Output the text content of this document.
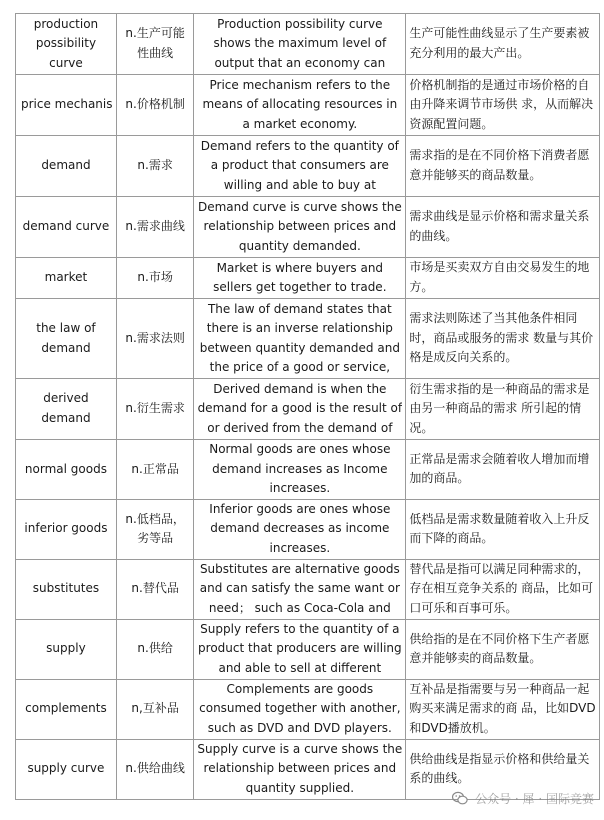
production possibility curve	n.生产可能性曲线	Production possibility curve shows the maximum level of output that an economy can	生产可能性曲线显示了生产要素被充分利用的最大产出。
price mechanis	n.价格机制	Price mechanism refers to the means of allocating resources in a market economy.	价格机制指的是通过市场价格的自由升降来调节市场供 求，从而解决资源配置问题。
demand	n.需求	Demand refers to the quantity of a product that consumers are willing and able to buy at	需求指的是在不同价格下消费者愿意并能够买的商品数量。
demand curve	n.需求曲线	Demand curve is curve shows the relationship between prices and quantity demanded.	需求曲线是显示价格和需求量关系的曲线。
market	n.市场	Market is where buyers and sellers get together to trade.	市场是买卖双方自由交易发生的地方。
the law of demand	n.需求法则	The law of demand states that there is an inverse relationship between quantity demanded and the price of a good or service,	需求法则陈述了当其他条件相同时，商品或服务的需求 数量与其价格是成反向关系的。
derived demand	n.衍生需求	Derived demand is when the demand for a good is the result of or derived from the demand of	衍生需求指的是一种商品的需求是由另一种商品的需求 所引起的情况。
normal goods	n.正常品	Normal goods are ones whose demand increases as Income increases.	正常品是需求会随着收人增加而增加的商品。
inferior goods	n.低档品，劣等品	Inferior goods are ones whose demand decreases as income increases.	低档品是需求数量随着收入上升反而下降的商品。
substitutes	n.替代品	Substitutes are alternative goods and can satisfy the same want or need； such as Coca-Cola and	替代品是指可以满足同种需求的，存在相互竞争关系的 商品，比如可口可乐和百事可乐。
supply	n.供给	Supply refers to the quantity of a product that producers are willing and able to sell at different	供给指的是在不同价格下生产者愿意并能够卖的商品数量。
complements	n,互补品	Complements are goods consumed together with another, such as DVD and DVD players.	互补品是指需要与另一种商品一起购买来满足需求的商 品，比如DVD和DVD播放机。
supply curve	n.供给曲线	Supply curve is a curve shows the relationship between prices and quantity supplied.	供给曲线是指显示价格和供给量关系的曲线。
公众号 · 犀 · 国际竞赛
